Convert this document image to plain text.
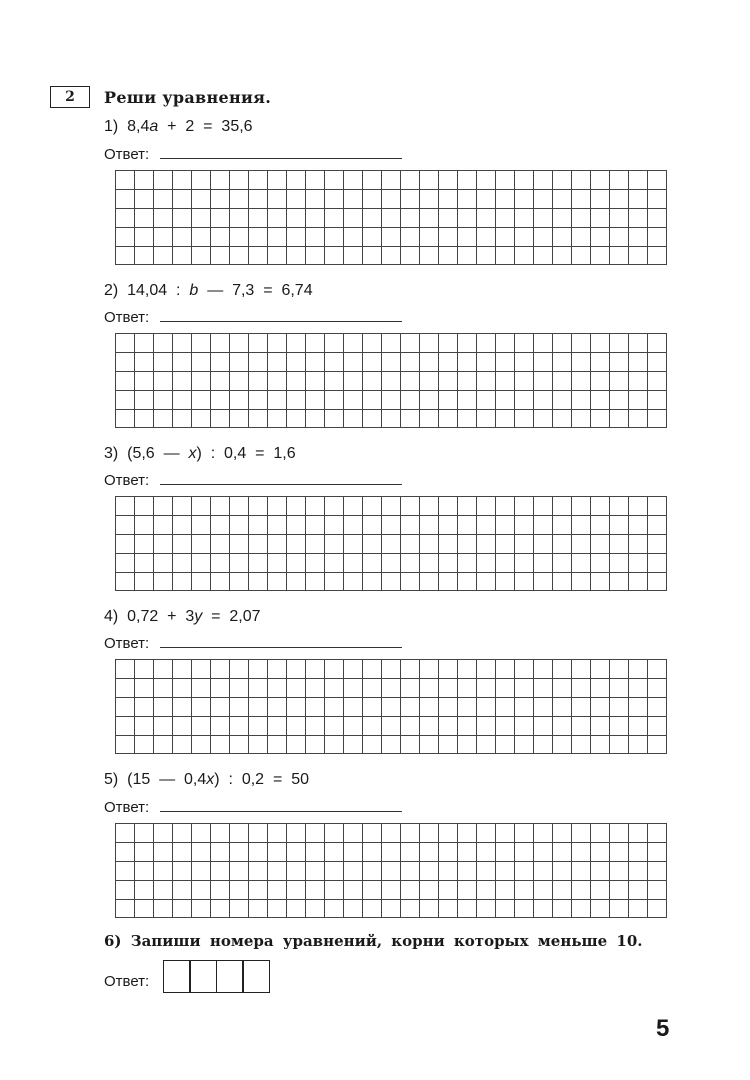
2	Реши уравнения.
1)  8,4a  +  2  =  35,6
Ответ:
2)  14,04  :  b  —  7,3  =  6,74
Ответ:
3)  (5,6  —  x)  :  0,4  =  1,6
Ответ:
4)  0,72  +  3y  =  2,07
Ответ:
5)  (15  —  0,4x)  :  0,2  =  50
Ответ:
6) Запиши номера уравнений, корни которых меньше 10.
Ответ:
5
